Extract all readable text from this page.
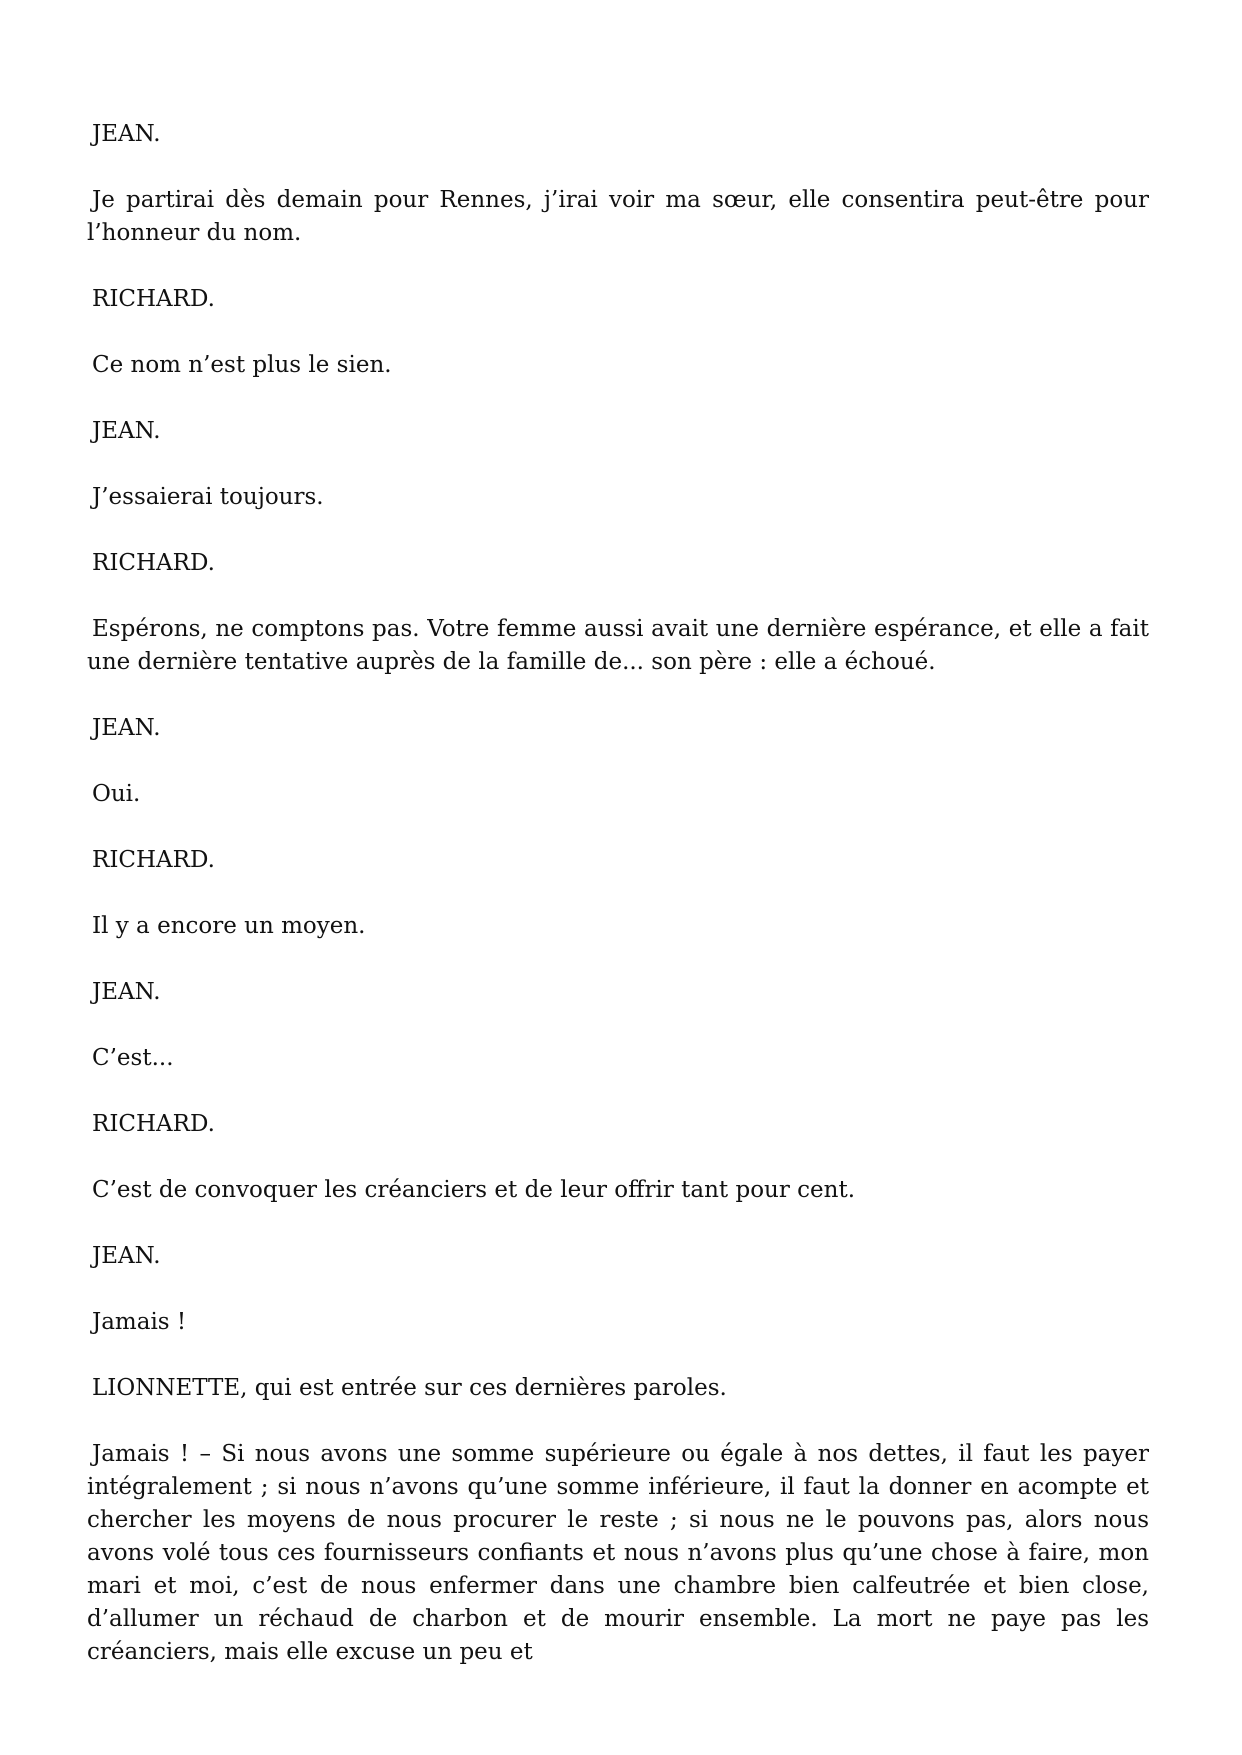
JEAN.
Je partirai dès demain pour Rennes, j’irai voir ma sœur, elle consentira peut-être pour l’honneur du nom.
RICHARD.
Ce nom n’est plus le sien.
JEAN.
J’essaierai toujours.
RICHARD.
Espérons, ne comptons pas. Votre femme aussi avait une dernière espérance, et elle a fait une dernière tentative auprès de la famille de... son père : elle a échoué.
JEAN.
Oui.
RICHARD.
Il y a encore un moyen.
JEAN.
C’est...
RICHARD.
C’est de convoquer les créanciers et de leur offrir tant pour cent.
JEAN.
Jamais !
LIONNETTE, qui est entrée sur ces dernières paroles.
Jamais ! – Si nous avons une somme supérieure ou égale à nos dettes, il faut les payer intégralement ; si nous n’avons qu’une somme inférieure, il faut la donner en acompte et chercher les moyens de nous procurer le reste ; si nous ne le pouvons pas, alors nous avons volé tous ces fournisseurs confiants et nous n’avons plus qu’une chose à faire, mon mari et moi, c’est de nous enfermer dans une chambre bien calfeutrée et bien close, d’allumer un réchaud de charbon et de mourir ensemble. La mort ne paye pas les créanciers, mais elle excuse un peu et
